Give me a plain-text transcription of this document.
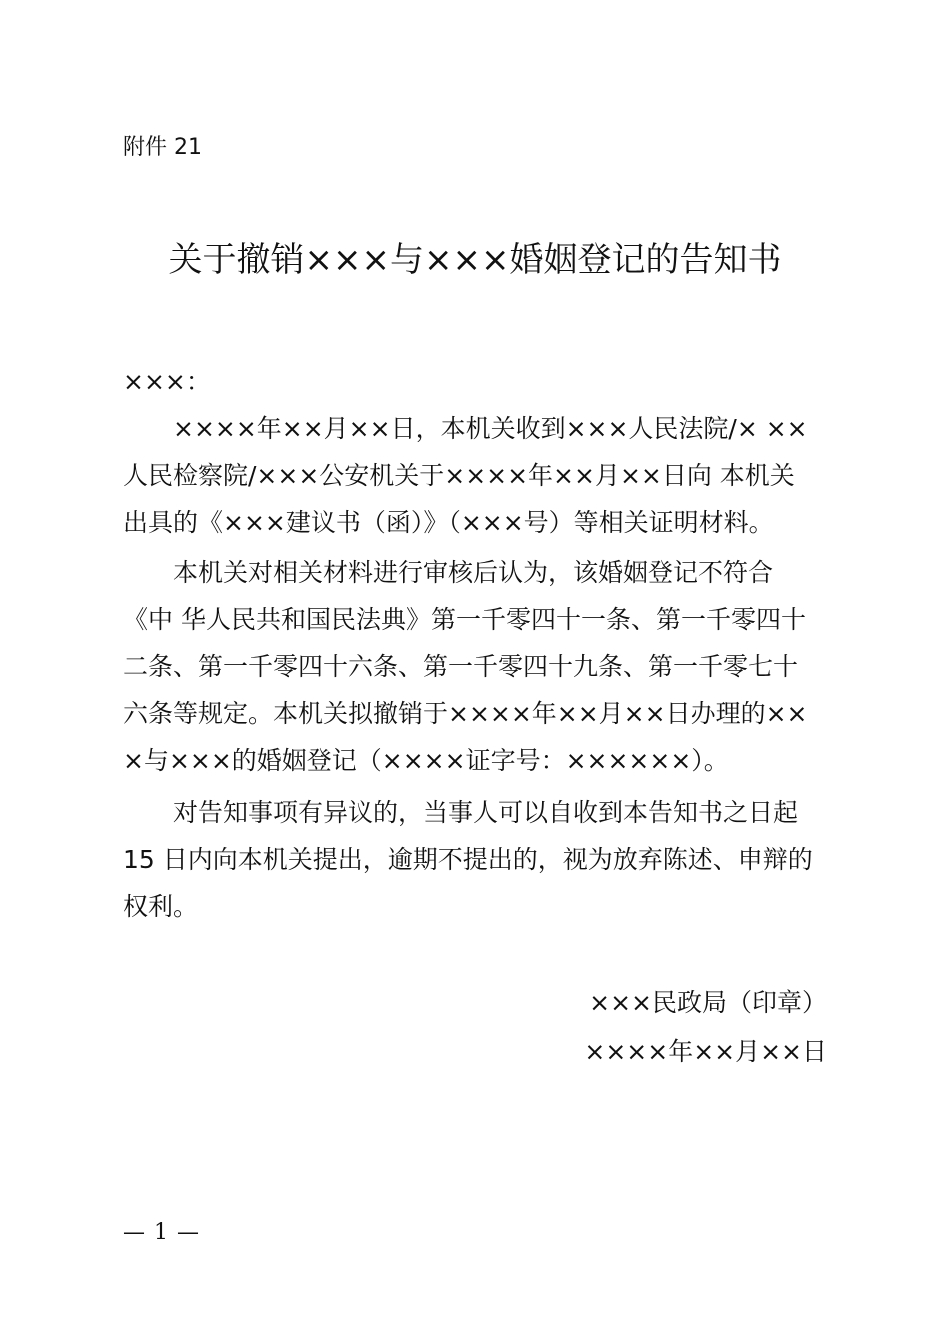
附件 21
关于撤销×××与×××婚姻登记的告知书
×××：
××××年××月××日，本机关收到×××人民法院/× ××
人民检察院/×××公安机关于××××年××月××日向 本机关
出具的《×××建议书（函）》（×××号）等相关证明材料。
本机关对相关材料进行审核后认为，该婚姻登记不符合
《中 华人民共和国民法典》第一千零四十一条、第一千零四十
二条、第一千零四十六条、第一千零四十九条、第一千零七十
六条等规定。本机关拟撤销于××××年××月××日办理的××
×与×××的婚姻登记（××××证字号：××××××）。
对告知事项有异议的，当事人可以自收到本告知书之日起
15 日内向本机关提出，逾期不提出的，视为放弃陈述、申辩的
权利。
×××民政局（印章）
××××年××月××日
— 1 —
